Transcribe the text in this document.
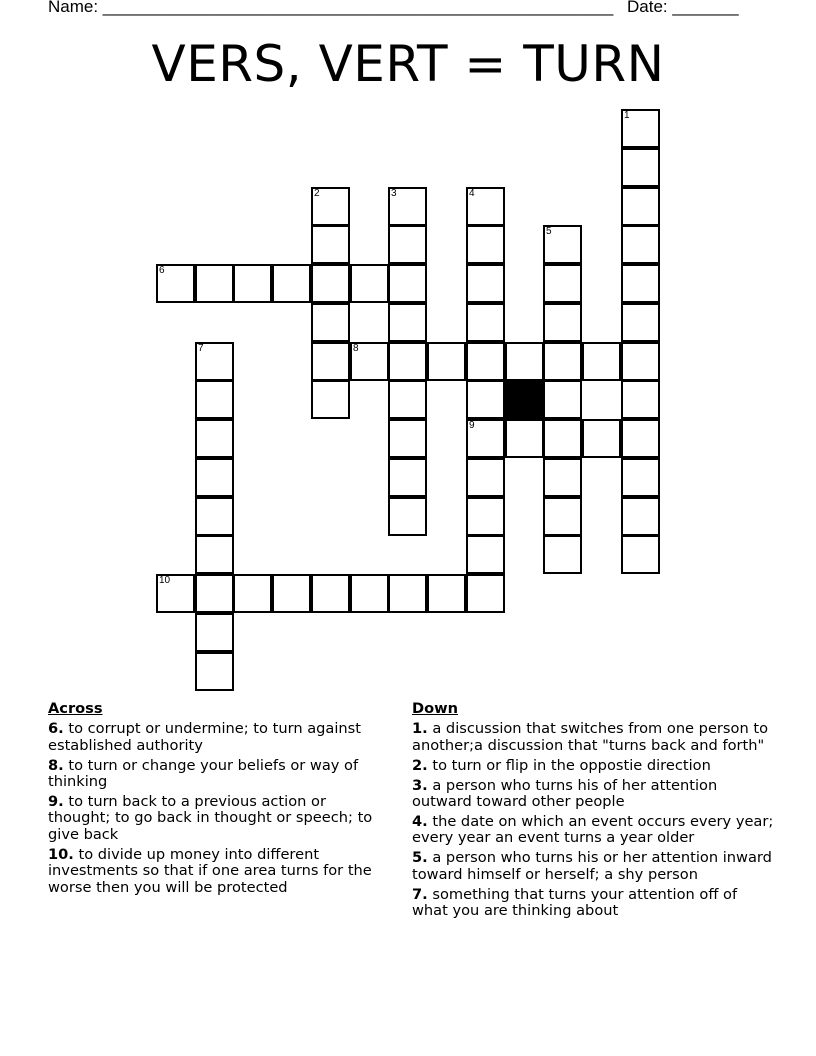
Name: ______________________________________________________ Date: _______
VERS, VERT = TURN
1
2	3	4
9
5
6
7	8
10
Across
6. to corrupt or undermine; to turn against established authority
8. to turn or change your beliefs or way of thinking
9. to turn back to a previous action or thought; to go back in thought or speech; to give back
10. to divide up money into different investments so that if one area turns for the worse then you will be protected
Down
1. a discussion that switches from one person to another;a discussion that "turns back and forth"
2. to turn or flip in the oppostie direction
3. a person who turns his of her attention outward toward other people
4. the date on which an event occurs every year; every year an event turns a year older
5. a person who turns his or her attention inward toward himself or herself; a shy person
7. something that turns your attention off of what you are thinking about
